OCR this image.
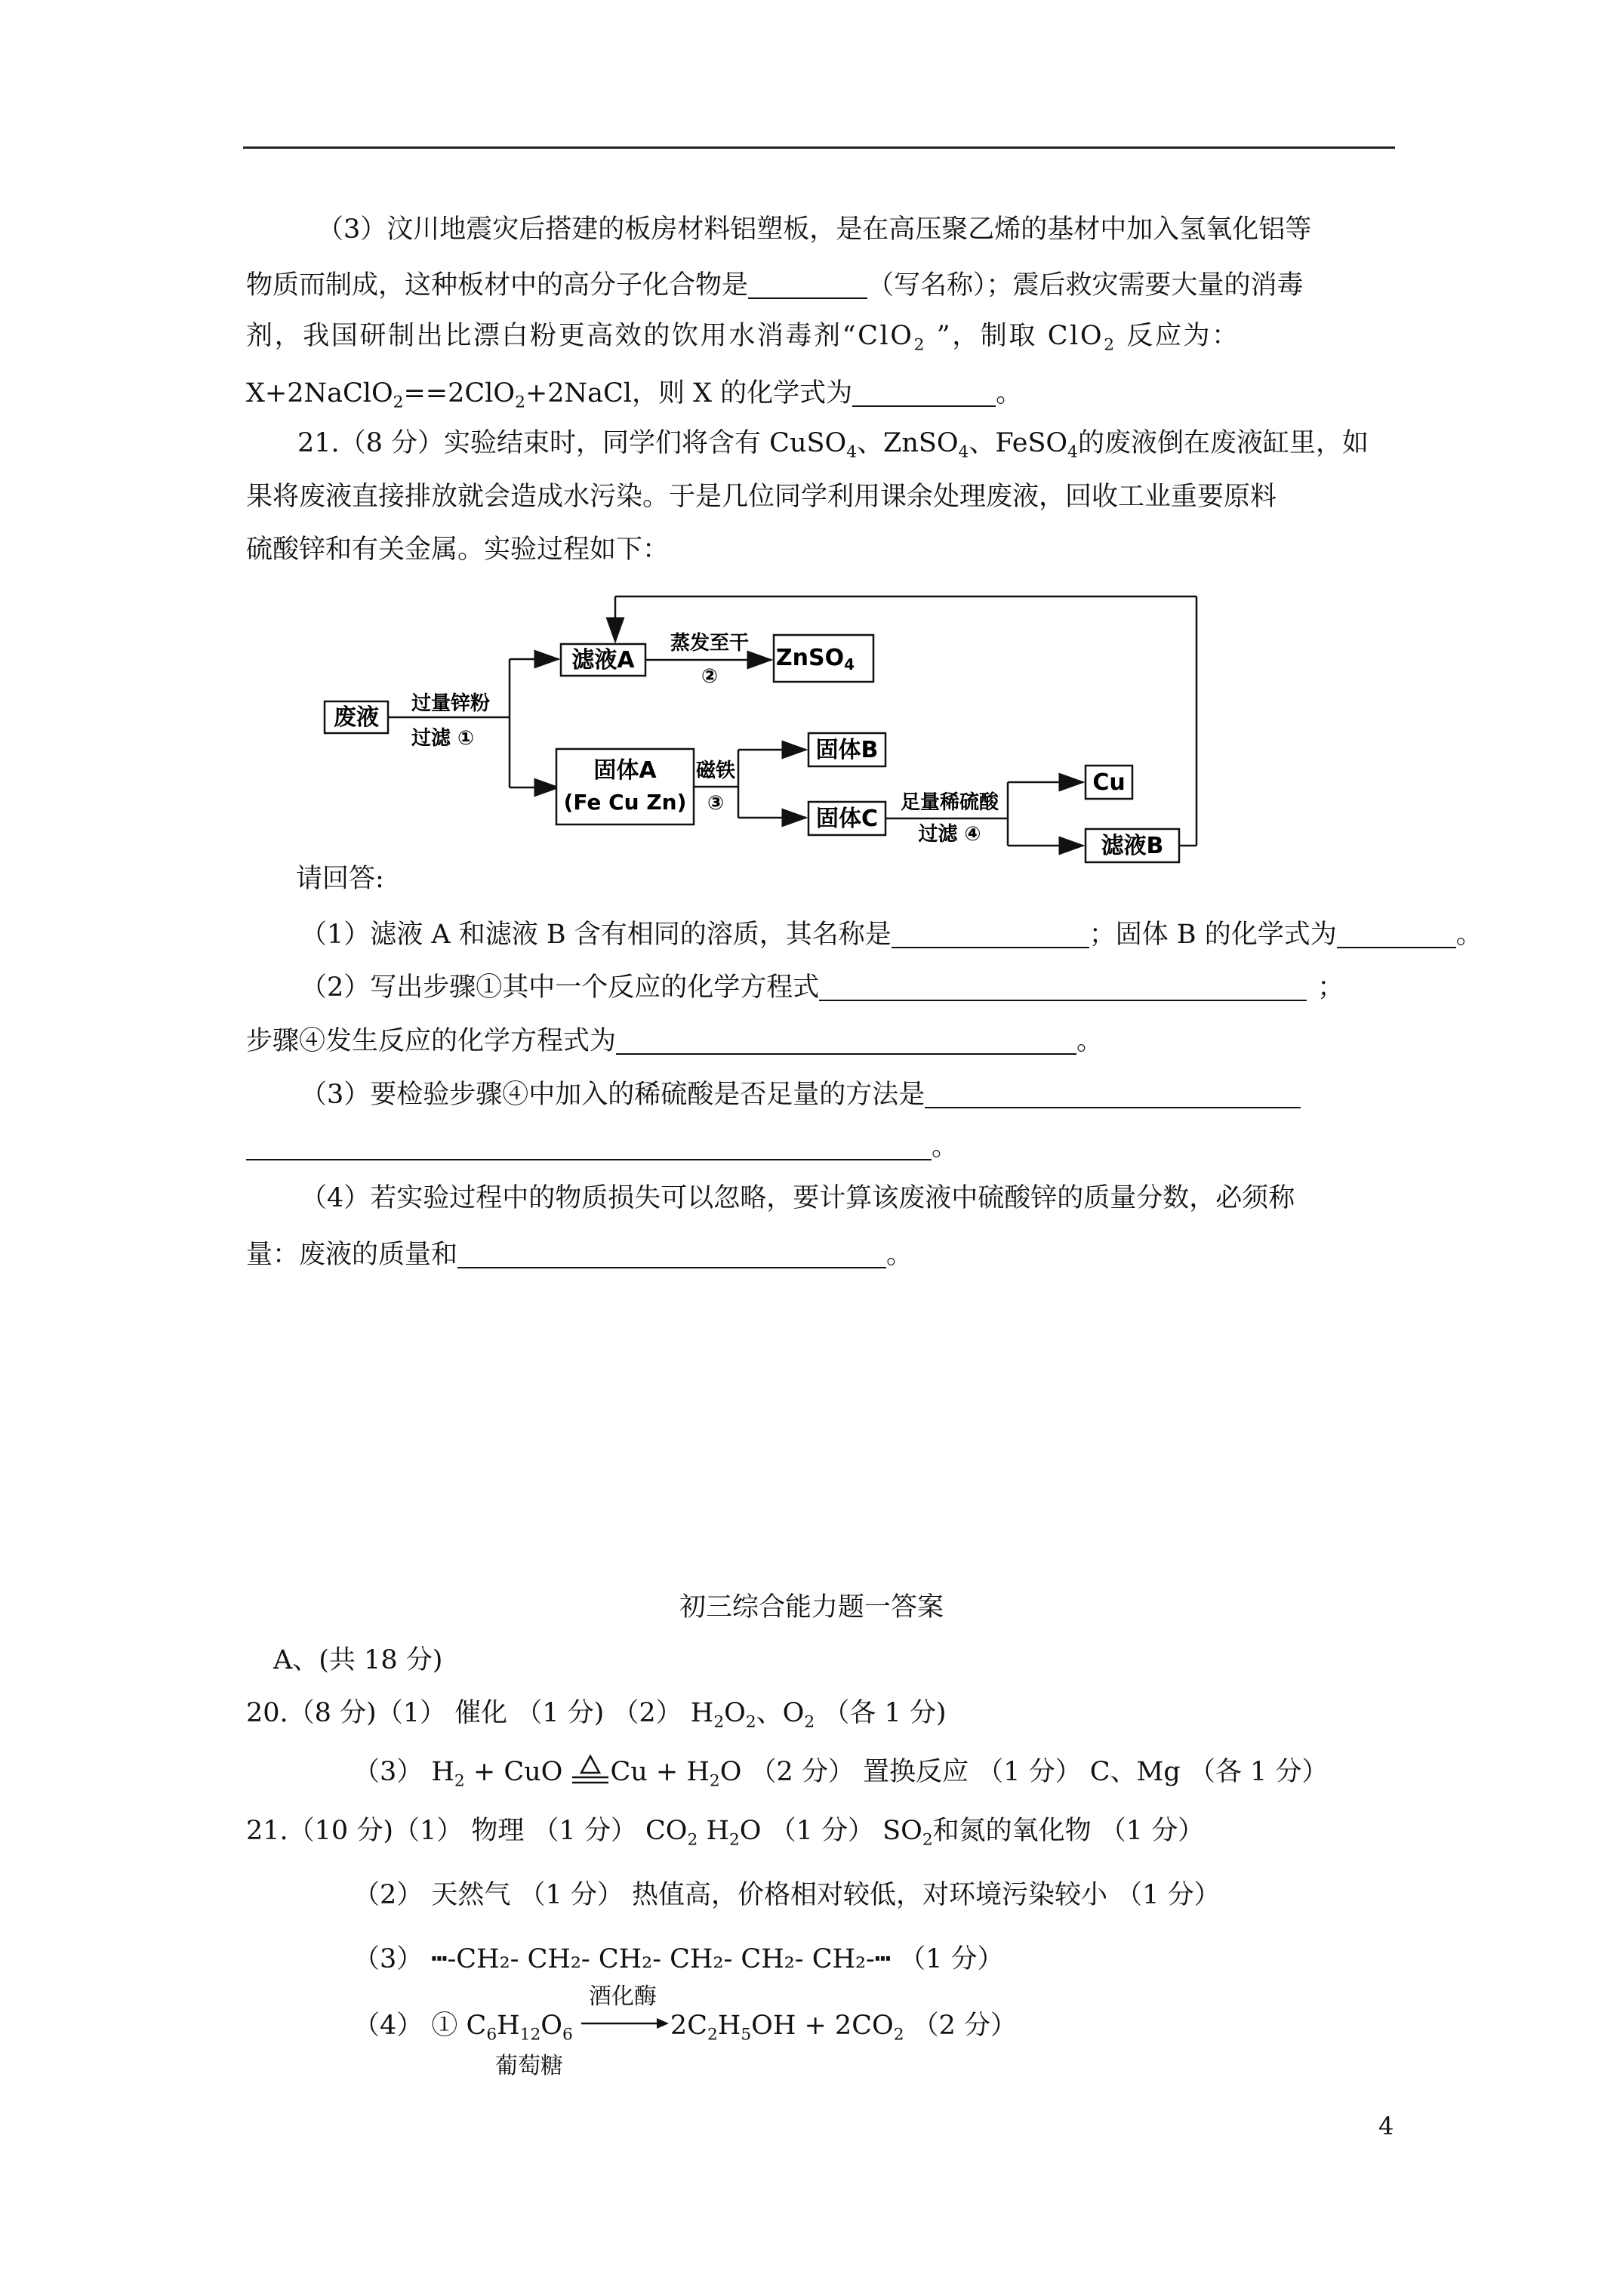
（3）汶川地震灾后搭建的板房材料铝塑板，是在高压聚乙烯的基材中加入氢氧化铝等
物质而制成，这种板材中的高分子化合物是	（写名称）；震后救灾需要大量的消毒
剂，我国研制出比漂白粉更高效的饮用水消毒剂“ClO$_2$ ”，制取 ClO$_2$ 反应为：
X+2NaClO$_2$==2ClO$_2$+2NaCl，则 X 的化学式为	。
21.（8 分）实验结束时，同学们将含有 CuSO$_4$、ZnSO$_4$、FeSO$_4$的废液倒在废液缸里，如
果将废液直接排放就会造成水污染。于是几位同学利用课余处理废液，回收工业重要原料
硫酸锌和有关金属。实验过程如下：
废液
过量锌粉
过滤 ①
滤液A
蒸发至干
②
ZnSO$_4$
固体A
(Fe Cu Zn)
磁铁
③
固体B
固体C
足量稀硫酸
过滤 ④
Cu
滤液B
请回答:
（1）滤液 A 和滤液 B 含有相同的溶质，其名称是	；固体 B 的化学式为	。
（2）写出步骤①其中一个反应的化学方程式	；
步骤④发生反应的化学方程式为	。
（3）要检验步骤④中加入的稀硫酸是否足量的方法是
。
（4）若实验过程中的物质损失可以忽略，要计算该废液中硫酸锌的质量分数，必须称
量：废液的质量和	。
初三综合能力题一答案
A、(共 18 分)
20.（8 分)（1） 催化 （1 分) （2） $H_2O_2$、$O_2$ （各 1 分)
（3） $H_2$ + CuO $Cu + H_2O$ （2 分） 置换反应 （1 分） C、Mg （各 1 分）
21.（10 分)（1） 物理 （1 分） $CO_2$ $H_2O$ （1 分） $SO_2$和氮的氧化物 （1 分）
（2） 天然气 （1 分） 热值高，价格相对较低，对环境污染较小 （1 分）
（3） ┅-CH₂- CH₂- CH₂- CH₂- CH₂- CH₂-┅ （1 分）
（4） ① $C_6H_{12}O_6$
酒化酶
$2C_2H_5OH + 2CO_2$ （2 分）
葡萄糖
4
